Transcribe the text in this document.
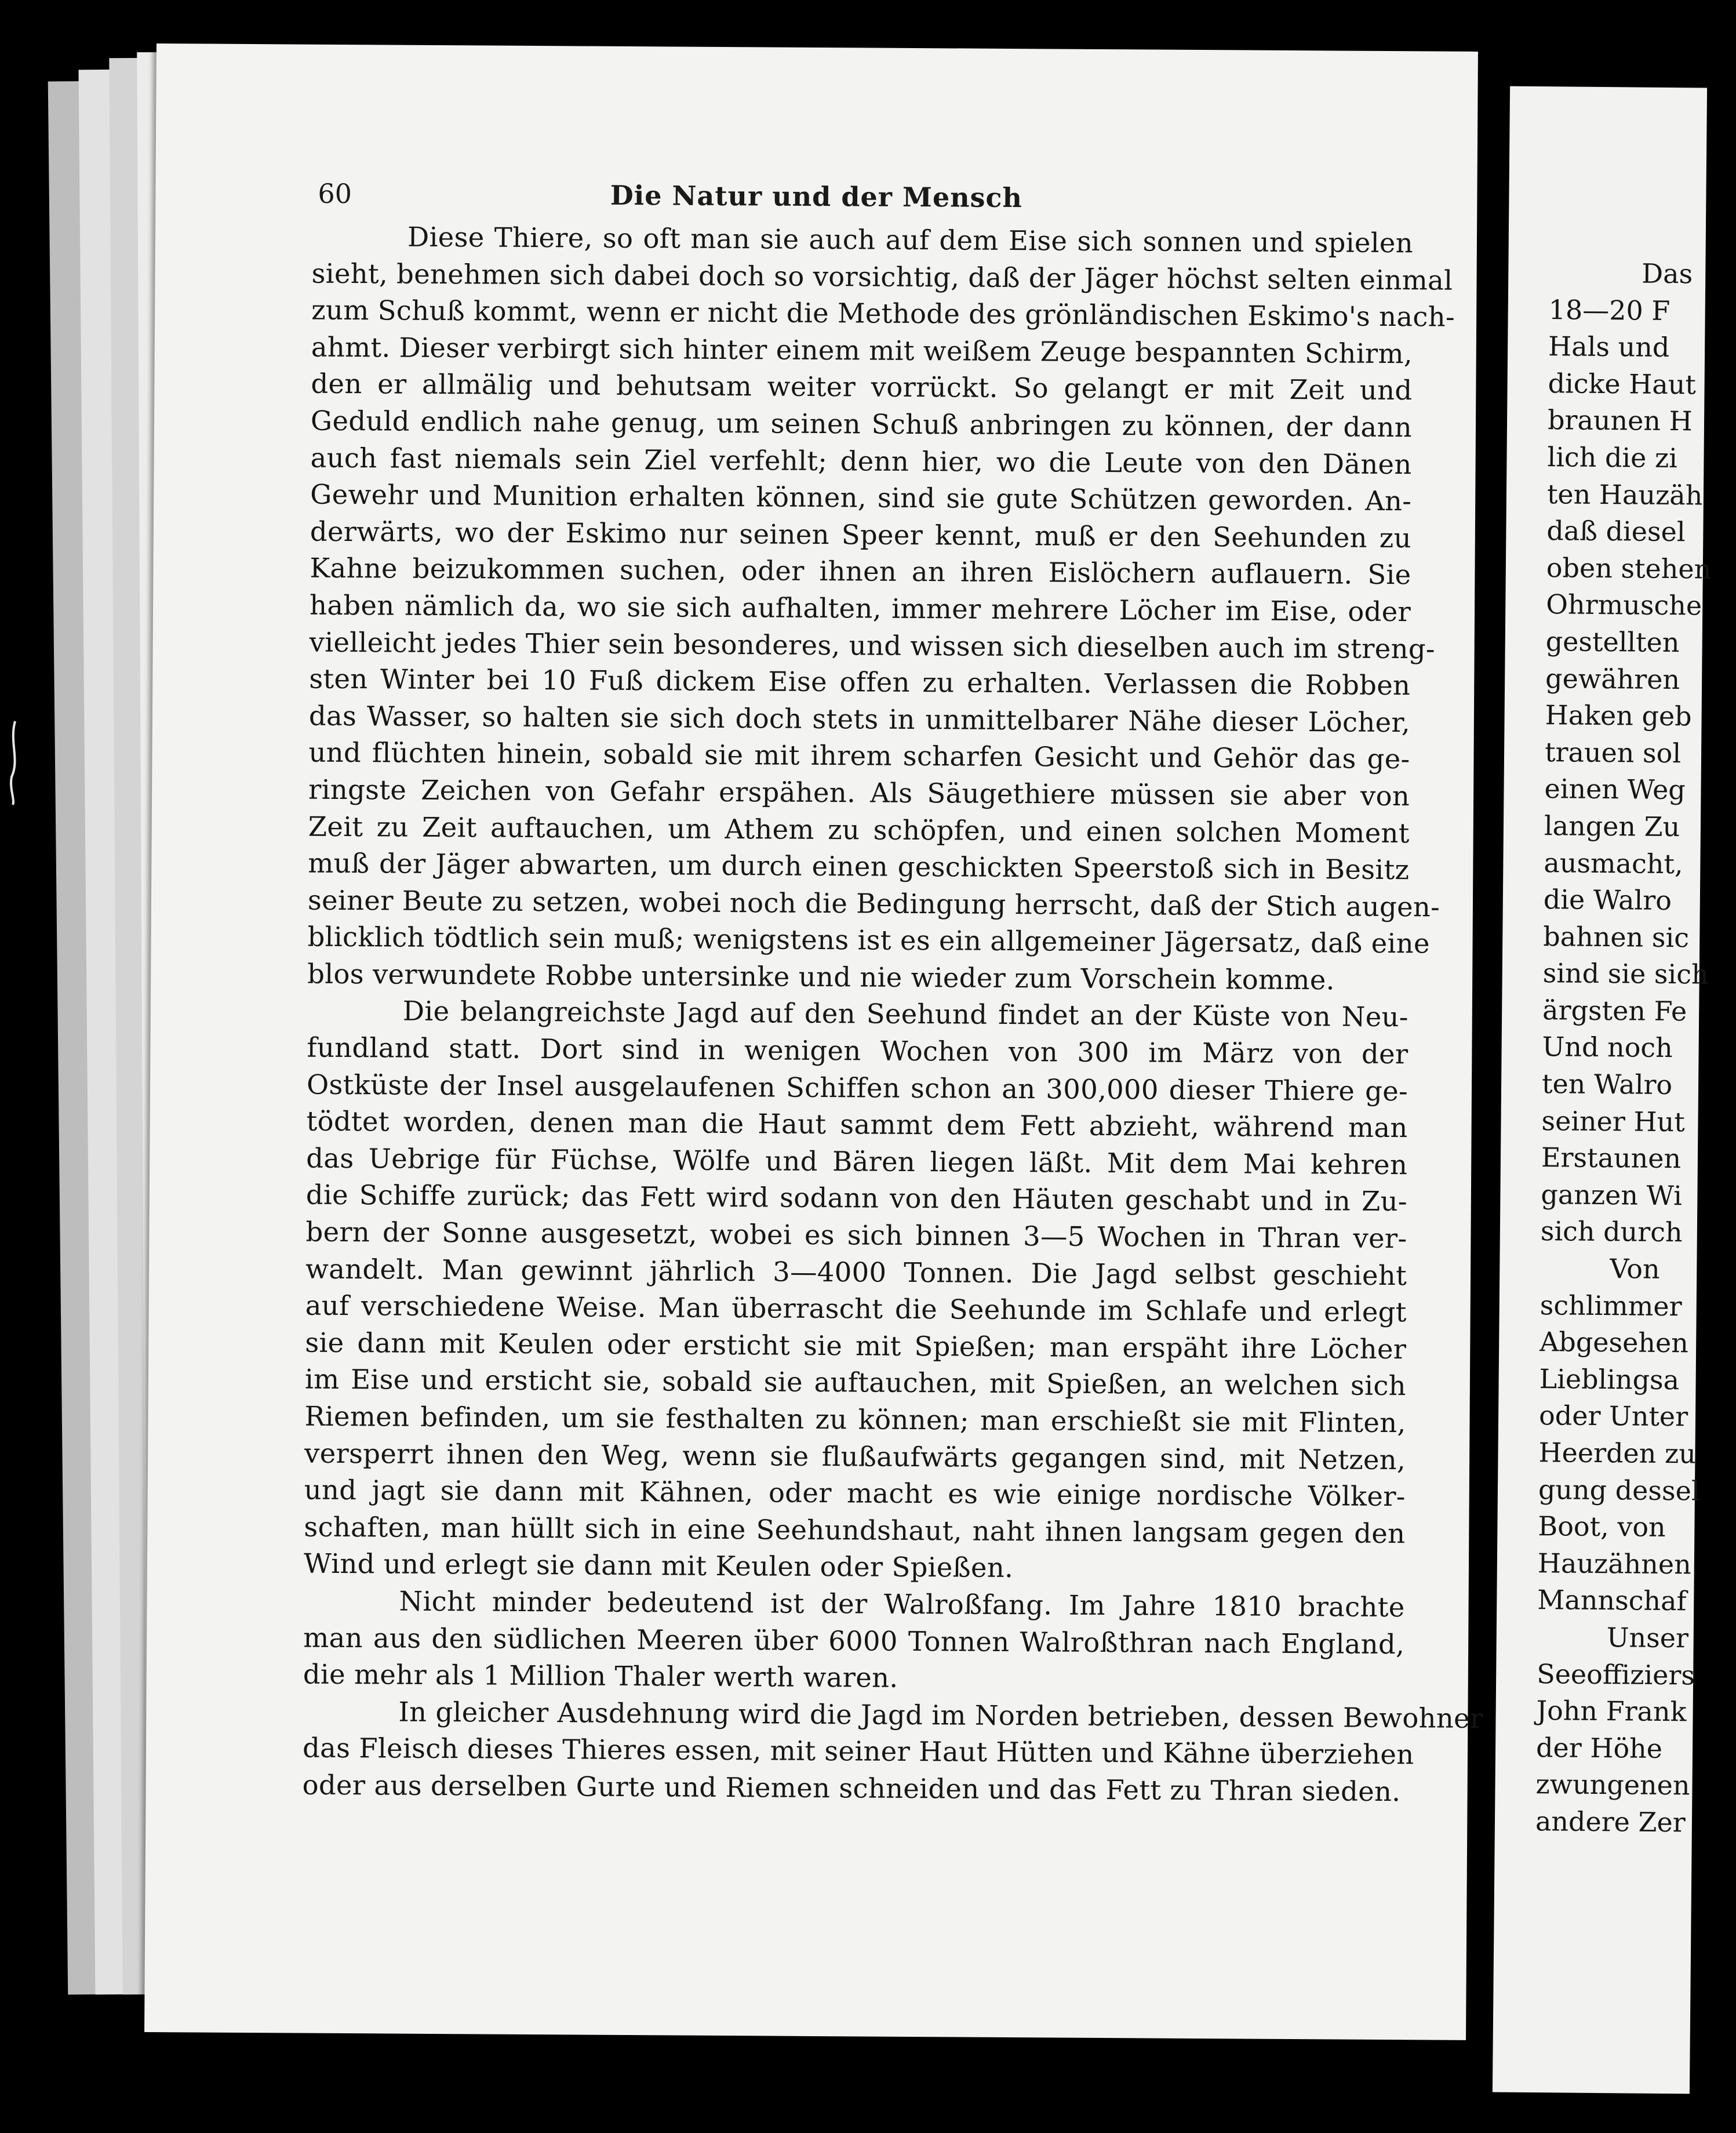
60	Die Natur und der Mensch
Diese Thiere, so oft man sie auch auf dem Eise sich sonnen und spielen
sieht, benehmen sich dabei doch so vorsichtig, daß der Jäger höchst selten einmal
zum Schuß kommt, wenn er nicht die Methode des grönländischen Eskimo's nach-
ahmt. Dieser verbirgt sich hinter einem mit weißem Zeuge bespannten Schirm,
den er allmälig und behutsam weiter vorrückt. So gelangt er mit Zeit und
Geduld endlich nahe genug, um seinen Schuß anbringen zu können, der dann
auch fast niemals sein Ziel verfehlt; denn hier, wo die Leute von den Dänen
Gewehr und Munition erhalten können, sind sie gute Schützen geworden. An-
derwärts, wo der Eskimo nur seinen Speer kennt, muß er den Seehunden zu
Kahne beizukommen suchen, oder ihnen an ihren Eislöchern auflauern. Sie
haben nämlich da, wo sie sich aufhalten, immer mehrere Löcher im Eise, oder
vielleicht jedes Thier sein besonderes, und wissen sich dieselben auch im streng-
sten Winter bei 10 Fuß dickem Eise offen zu erhalten. Verlassen die Robben
das Wasser, so halten sie sich doch stets in unmittelbarer Nähe dieser Löcher,
und flüchten hinein, sobald sie mit ihrem scharfen Gesicht und Gehör das ge-
ringste Zeichen von Gefahr erspähen. Als Säugethiere müssen sie aber von
Zeit zu Zeit auftauchen, um Athem zu schöpfen, und einen solchen Moment
muß der Jäger abwarten, um durch einen geschickten Speerstoß sich in Besitz
seiner Beute zu setzen, wobei noch die Bedingung herrscht, daß der Stich augen-
blicklich tödtlich sein muß; wenigstens ist es ein allgemeiner Jägersatz, daß eine
blos verwundete Robbe untersinke und nie wieder zum Vorschein komme.
Die belangreichste Jagd auf den Seehund findet an der Küste von Neu-
fundland statt. Dort sind in wenigen Wochen von 300 im März von der
Ostküste der Insel ausgelaufenen Schiffen schon an 300,000 dieser Thiere ge-
tödtet worden, denen man die Haut sammt dem Fett abzieht, während man
das Uebrige für Füchse, Wölfe und Bären liegen läßt. Mit dem Mai kehren
die Schiffe zurück; das Fett wird sodann von den Häuten geschabt und in Zu-
bern der Sonne ausgesetzt, wobei es sich binnen 3—5 Wochen in Thran ver-
wandelt. Man gewinnt jährlich 3—4000 Tonnen. Die Jagd selbst geschieht
auf verschiedene Weise. Man überrascht die Seehunde im Schlafe und erlegt
sie dann mit Keulen oder ersticht sie mit Spießen; man erspäht ihre Löcher
im Eise und ersticht sie, sobald sie auftauchen, mit Spießen, an welchen sich
Riemen befinden, um sie festhalten zu können; man erschießt sie mit Flinten,
versperrt ihnen den Weg, wenn sie flußaufwärts gegangen sind, mit Netzen,
und jagt sie dann mit Kähnen, oder macht es wie einige nordische Völker-
schaften, man hüllt sich in eine Seehundshaut, naht ihnen langsam gegen den
Wind und erlegt sie dann mit Keulen oder Spießen.
Nicht minder bedeutend ist der Walroßfang. Im Jahre 1810 brachte
man aus den südlichen Meeren über 6000 Tonnen Walroßthran nach England,
die mehr als 1 Million Thaler werth waren.
In gleicher Ausdehnung wird die Jagd im Norden betrieben, dessen Bewohner
das Fleisch dieses Thieres essen, mit seiner Haut Hütten und Kähne überziehen
oder aus derselben Gurte und Riemen schneiden und das Fett zu Thran sieden.
Das
18—20 F
Hals und
dicke Haut
braunen H
lich die zi
ten Hauzäh
daß diesel
oben stehen
Ohrmusche
gestellten
gewähren
Haken geb
trauen sol
einen Weg
langen Zu
ausmacht,
die Walro
bahnen sic
sind sie sich
ärgsten Fe
Und noch
ten Walro
seiner Hut
Erstaunen
ganzen Wi
sich durch
Von
schlimmer
Abgesehen
Lieblingsa
oder Unter
Heerden zu
gung dessel
Boot, von
Hauzähnen
Mannschaf
Unser
Seeoffiziers
John Frank
der Höhe
zwungenen
andere Zer
